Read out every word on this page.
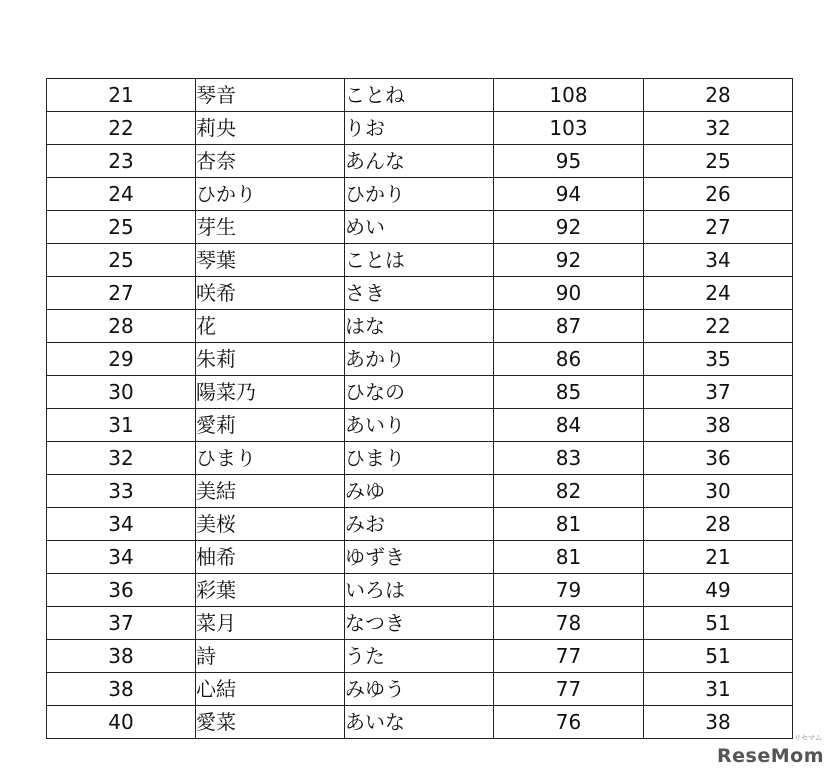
21	琴音	ことね	108	28
22	莉央	りお	103	32
23	杏奈	あんな	95	25
24	ひかり	ひかり	94	26
25	芽生	めい	92	27
25	琴葉	ことは	92	34
27	咲希	さき	90	24
28	花	はな	87	22
29	朱莉	あかり	86	35
30	陽菜乃	ひなの	85	37
31	愛莉	あいり	84	38
32	ひまり	ひまり	83	36
33	美結	みゆ	82	30
34	美桜	みお	81	28
34	柚希	ゆずき	81	21
36	彩葉	いろは	79	49
37	菜月	なつき	78	51
38	詩	うた	77	51
38	心結	みゆう	77	31
40	愛菜	あいな	76	38
リセマム
ReseMom
